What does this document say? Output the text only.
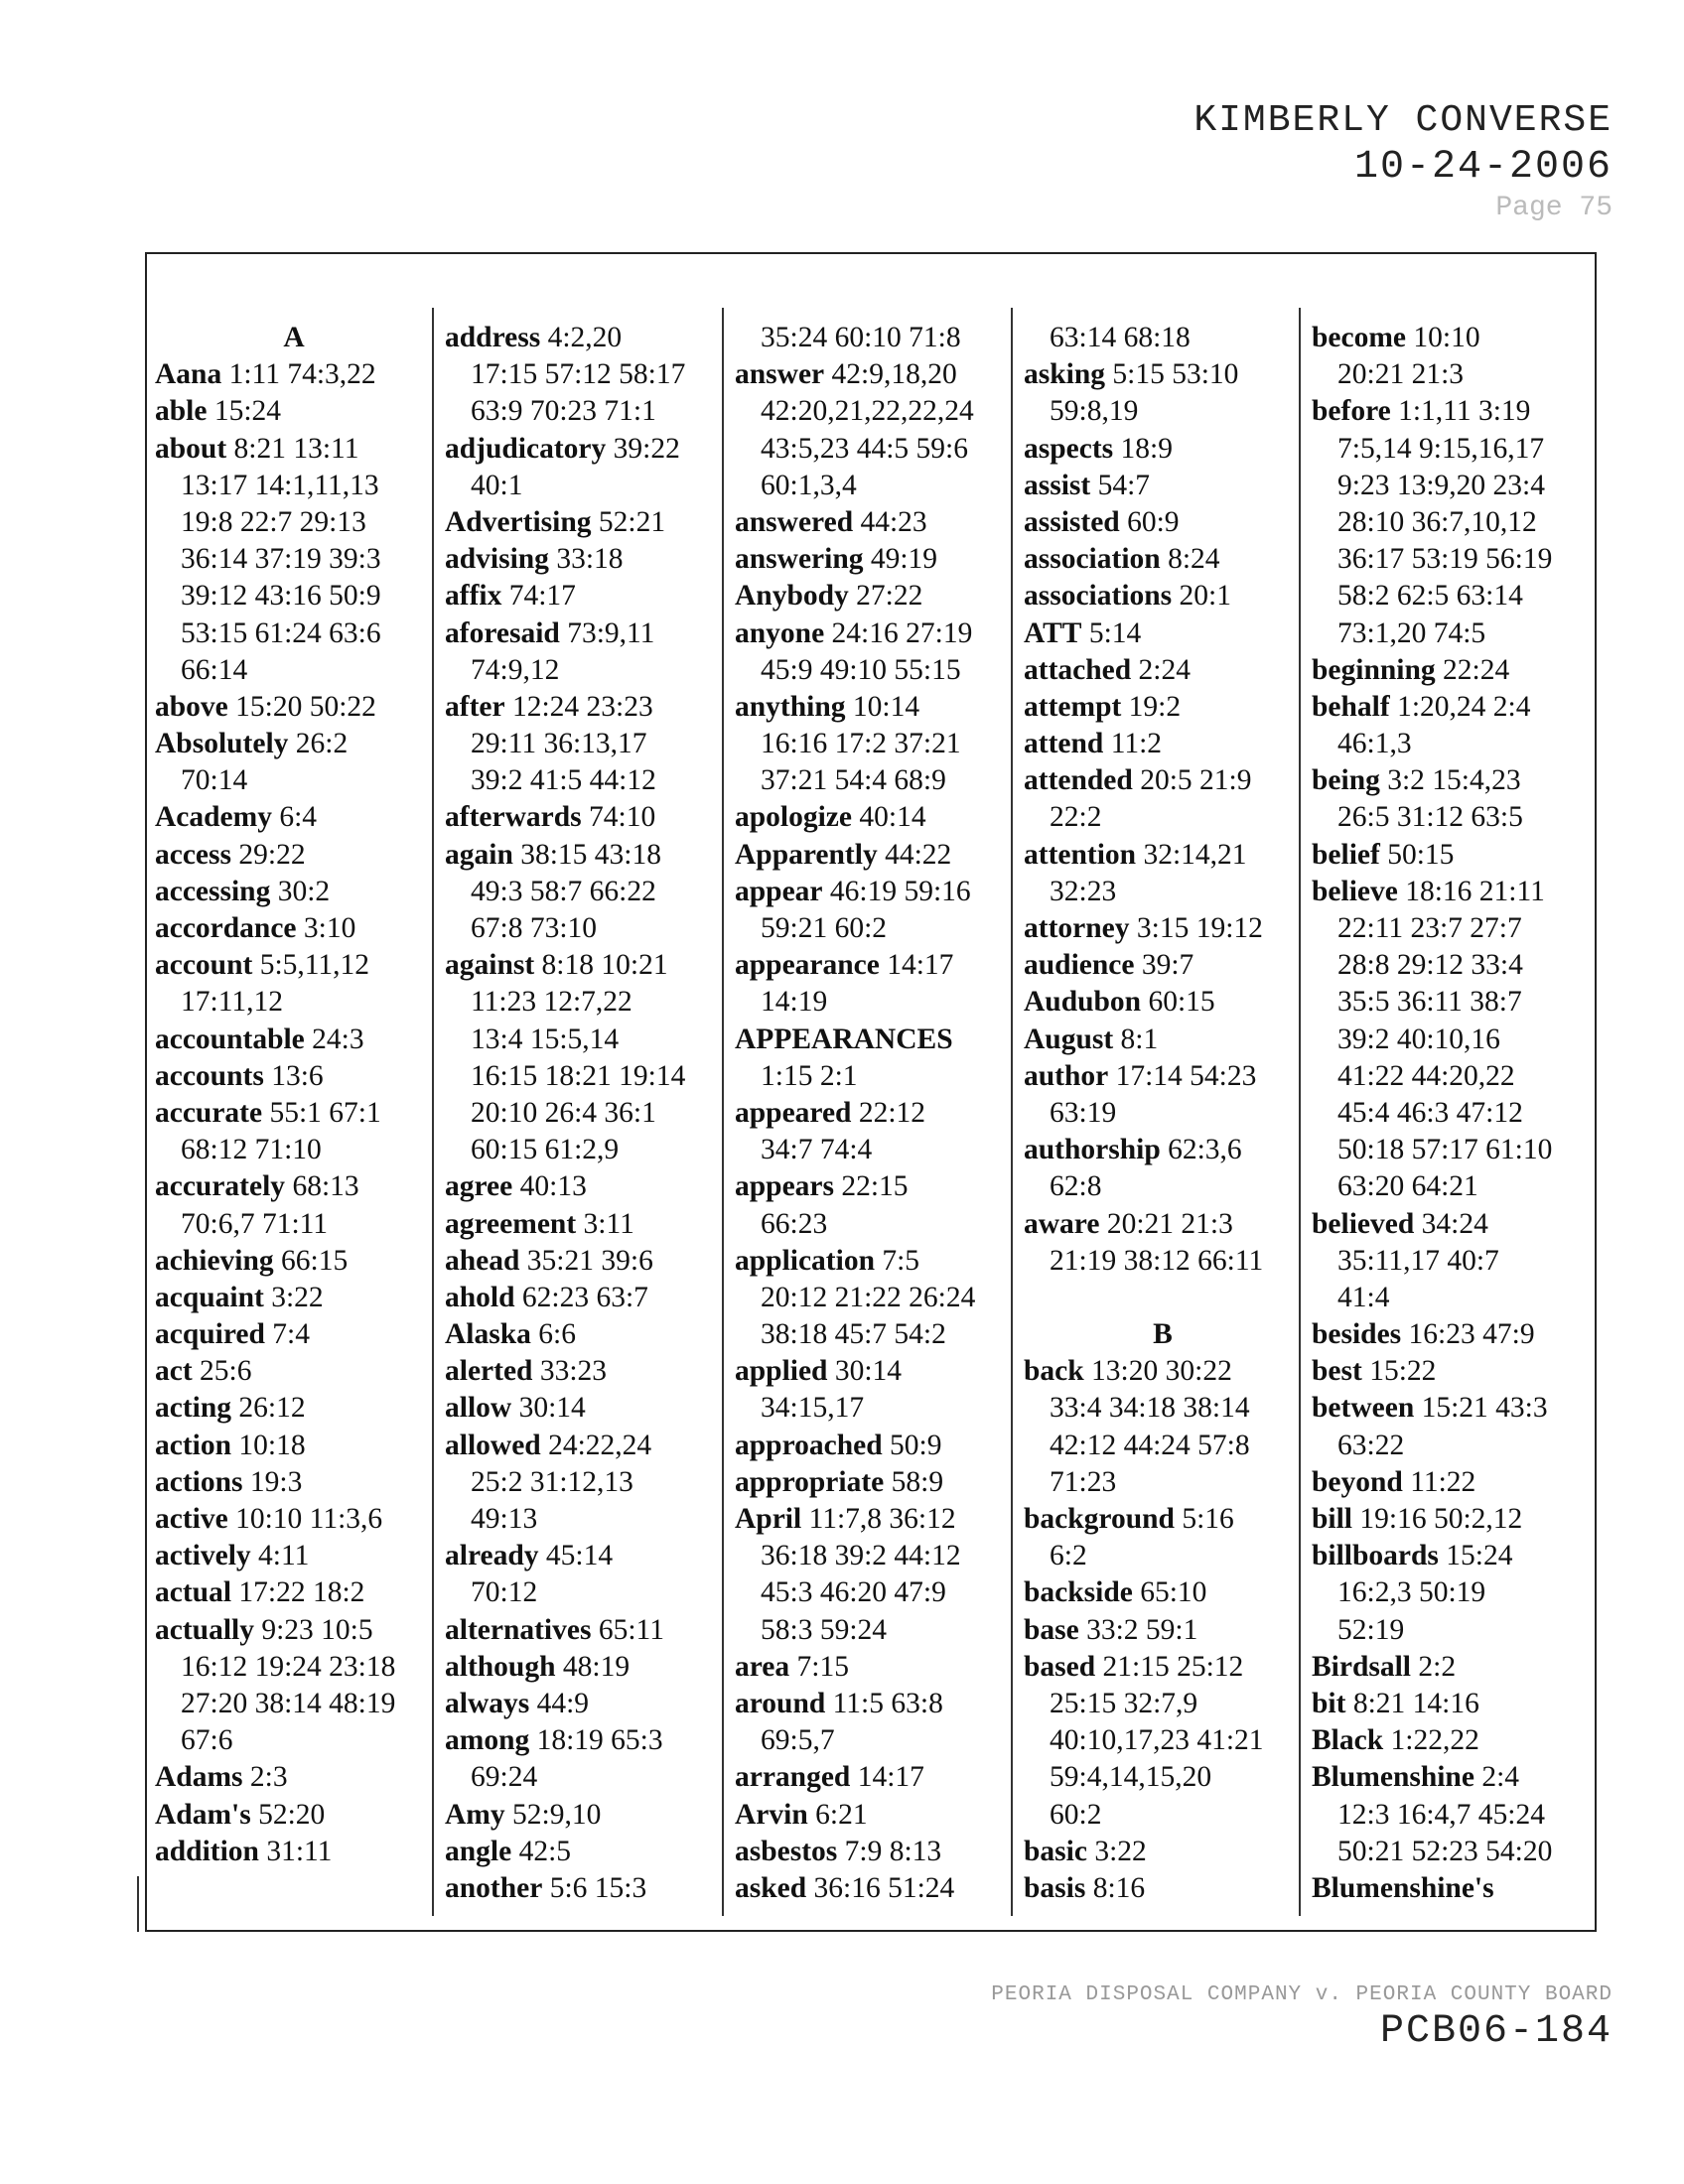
KIMBERLY CONVERSE
10-24-2006
Page 75
A
Aana 1:11 74:3,22
able 15:24
about 8:21 13:11
13:17 14:1,11,13
19:8 22:7 29:13
36:14 37:19 39:3
39:12 43:16 50:9
53:15 61:24 63:6
66:14
above 15:20 50:22
Absolutely 26:2
70:14
Academy 6:4
access 29:22
accessing 30:2
accordance 3:10
account 5:5,11,12
17:11,12
accountable 24:3
accounts 13:6
accurate 55:1 67:1
68:12 71:10
accurately 68:13
70:6,7 71:11
achieving 66:15
acquaint 3:22
acquired 7:4
act 25:6
acting 26:12
action 10:18
actions 19:3
active 10:10 11:3,6
actively 4:11
actual 17:22 18:2
actually 9:23 10:5
16:12 19:24 23:18
27:20 38:14 48:19
67:6
Adams 2:3
Adam's 52:20
addition 31:11
address 4:2,20
17:15 57:12 58:17
63:9 70:23 71:1
adjudicatory 39:22
40:1
Advertising 52:21
advising 33:18
affix 74:17
aforesaid 73:9,11
74:9,12
after 12:24 23:23
29:11 36:13,17
39:2 41:5 44:12
afterwards 74:10
again 38:15 43:18
49:3 58:7 66:22
67:8 73:10
against 8:18 10:21
11:23 12:7,22
13:4 15:5,14
16:15 18:21 19:14
20:10 26:4 36:1
60:15 61:2,9
agree 40:13
agreement 3:11
ahead 35:21 39:6
ahold 62:23 63:7
Alaska 6:6
alerted 33:23
allow 30:14
allowed 24:22,24
25:2 31:12,13
49:13
already 45:14
70:12
alternatives 65:11
although 48:19
always 44:9
among 18:19 65:3
69:24
Amy 52:9,10
angle 42:5
another 5:6 15:3
35:24 60:10 71:8
answer 42:9,18,20
42:20,21,22,22,24
43:5,23 44:5 59:6
60:1,3,4
answered 44:23
answering 49:19
Anybody 27:22
anyone 24:16 27:19
45:9 49:10 55:15
anything 10:14
16:16 17:2 37:21
37:21 54:4 68:9
apologize 40:14
Apparently 44:22
appear 46:19 59:16
59:21 60:2
appearance 14:17
14:19
APPEARANCES
1:15 2:1
appeared 22:12
34:7 74:4
appears 22:15
66:23
application 7:5
20:12 21:22 26:24
38:18 45:7 54:2
applied 30:14
34:15,17
approached 50:9
appropriate 58:9
April 11:7,8 36:12
36:18 39:2 44:12
45:3 46:20 47:9
58:3 59:24
area 7:15
around 11:5 63:8
69:5,7
arranged 14:17
Arvin 6:21
asbestos 7:9 8:13
asked 36:16 51:24
63:14 68:18
asking 5:15 53:10
59:8,19
aspects 18:9
assist 54:7
assisted 60:9
association 8:24
associations 20:1
ATT 5:14
attached 2:24
attempt 19:2
attend 11:2
attended 20:5 21:9
22:2
attention 32:14,21
32:23
attorney 3:15 19:12
audience 39:7
Audubon 60:15
August 8:1
author 17:14 54:23
63:19
authorship 62:3,6
62:8
aware 20:21 21:3
21:19 38:12 66:11
B
back 13:20 30:22
33:4 34:18 38:14
42:12 44:24 57:8
71:23
background 5:16
6:2
backside 65:10
base 33:2 59:1
based 21:15 25:12
25:15 32:7,9
40:10,17,23 41:21
59:4,14,15,20
60:2
basic 3:22
basis 8:16
become 10:10
20:21 21:3
before 1:1,11 3:19
7:5,14 9:15,16,17
9:23 13:9,20 23:4
28:10 36:7,10,12
36:17 53:19 56:19
58:2 62:5 63:14
73:1,20 74:5
beginning 22:24
behalf 1:20,24 2:4
46:1,3
being 3:2 15:4,23
26:5 31:12 63:5
belief 50:15
believe 18:16 21:11
22:11 23:7 27:7
28:8 29:12 33:4
35:5 36:11 38:7
39:2 40:10,16
41:22 44:20,22
45:4 46:3 47:12
50:18 57:17 61:10
63:20 64:21
believed 34:24
35:11,17 40:7
41:4
besides 16:23 47:9
best 15:22
between 15:21 43:3
63:22
beyond 11:22
bill 19:16 50:2,12
billboards 15:24
16:2,3 50:19
52:19
Birdsall 2:2
bit 8:21 14:16
Black 1:22,22
Blumenshine 2:4
12:3 16:4,7 45:24
50:21 52:23 54:20
Blumenshine's
PEORIA DISPOSAL COMPANY v. PEORIA COUNTY BOARD
PCB06-184
